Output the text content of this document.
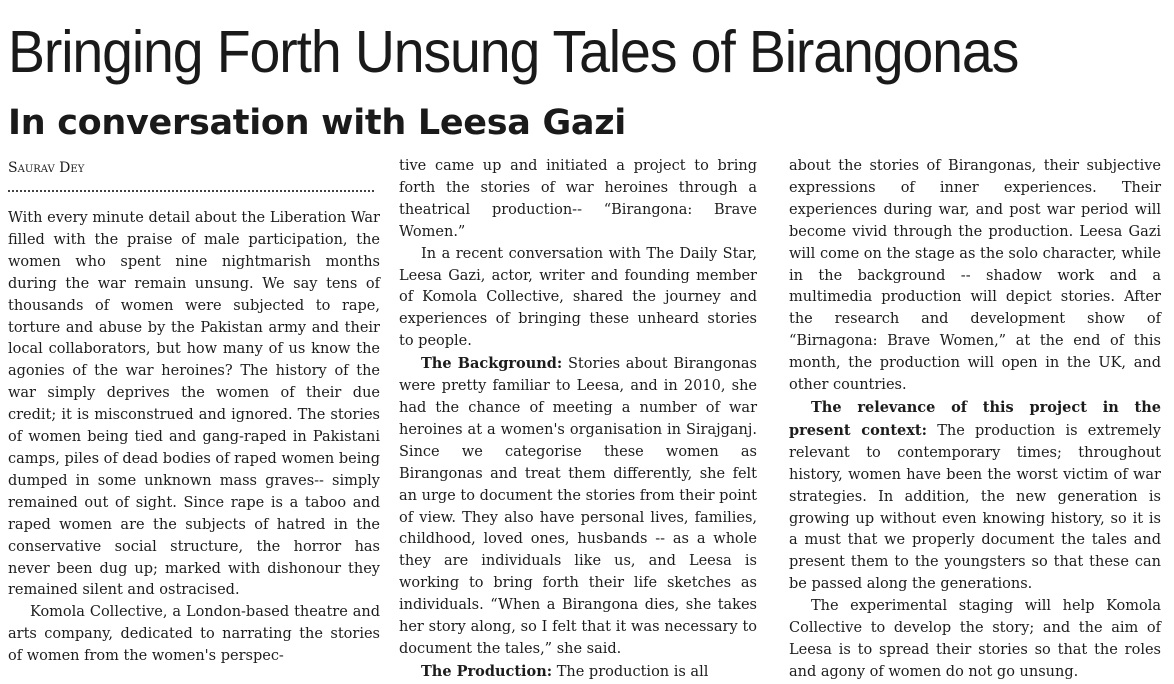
Bringing Forth Unsung Tales of Birangonas
In conversation with Leesa Gazi
Saurav Dey

With every minute detail about the Liberation War filled with the praise of male participation, the women who spent nine nightmarish months during the war remain unsung. We say tens of thousands of women were subjected to rape, torture and abuse by the Pakistan army and their local collaborators, but how many of us know the agonies of the war heroines? The history of the war simply deprives the women of their due credit; it is misconstrued and ignored. The stories of women being tied and gang-raped in Pakistani camps, piles of dead bodies of raped women being dumped in some unknown mass graves-- simply remained out of sight. Since rape is a taboo and raped women are the subjects of hatred in the conservative social structure, the horror has never been dug up; marked with dishonour they remained silent and ostracised.

Komola Collective, a London-based theatre and arts company, dedicated to narrating the stories of women from the women's perspec-

tive came up and initiated a project to bring forth the stories of war heroines through a theatrical production-- “Birangona: Brave Women.”

In a recent conversation with The Daily Star, Leesa Gazi, actor, writer and founding member of Komola Collective, shared the journey and experiences of bringing these unheard stories to people.

The Background: Stories about Birangonas were pretty familiar to Leesa, and in 2010, she had the chance of meeting a number of war heroines at a women's organisation in Sirajganj. Since we categorise these women as Birangonas and treat them differently, she felt an urge to document the stories from their point of view. They also have personal lives, families, childhood, loved ones, husbands -- as a whole they are individuals like us, and Leesa is working to bring forth their life sketches as individuals. “When a Birangona dies, she takes her story along, so I felt that it was necessary to document the tales,” she said.

The Production: The production is all

about the stories of Birangonas, their subjective expressions of inner experiences. Their experiences during war, and post war period will become vivid through the production. Leesa Gazi will come on the stage as the solo character, while in the background -- shadow work and a multimedia production will depict stories. After the research and development show of “Birnagona: Brave Women,” at the end of this month, the production will open in the UK, and other countries.

The relevance of this project in the present context: The production is extremely relevant to contemporary times; throughout history, women have been the worst victim of war strategies. In addition, the new generation is growing up without even knowing history, so it is a must that we properly document the tales and present them to the youngsters so that these can be passed along the generations.

The experimental staging will help Komola Collective to develop the story; and the aim of Leesa is to spread their stories so that the roles and agony of women do not go unsung.
